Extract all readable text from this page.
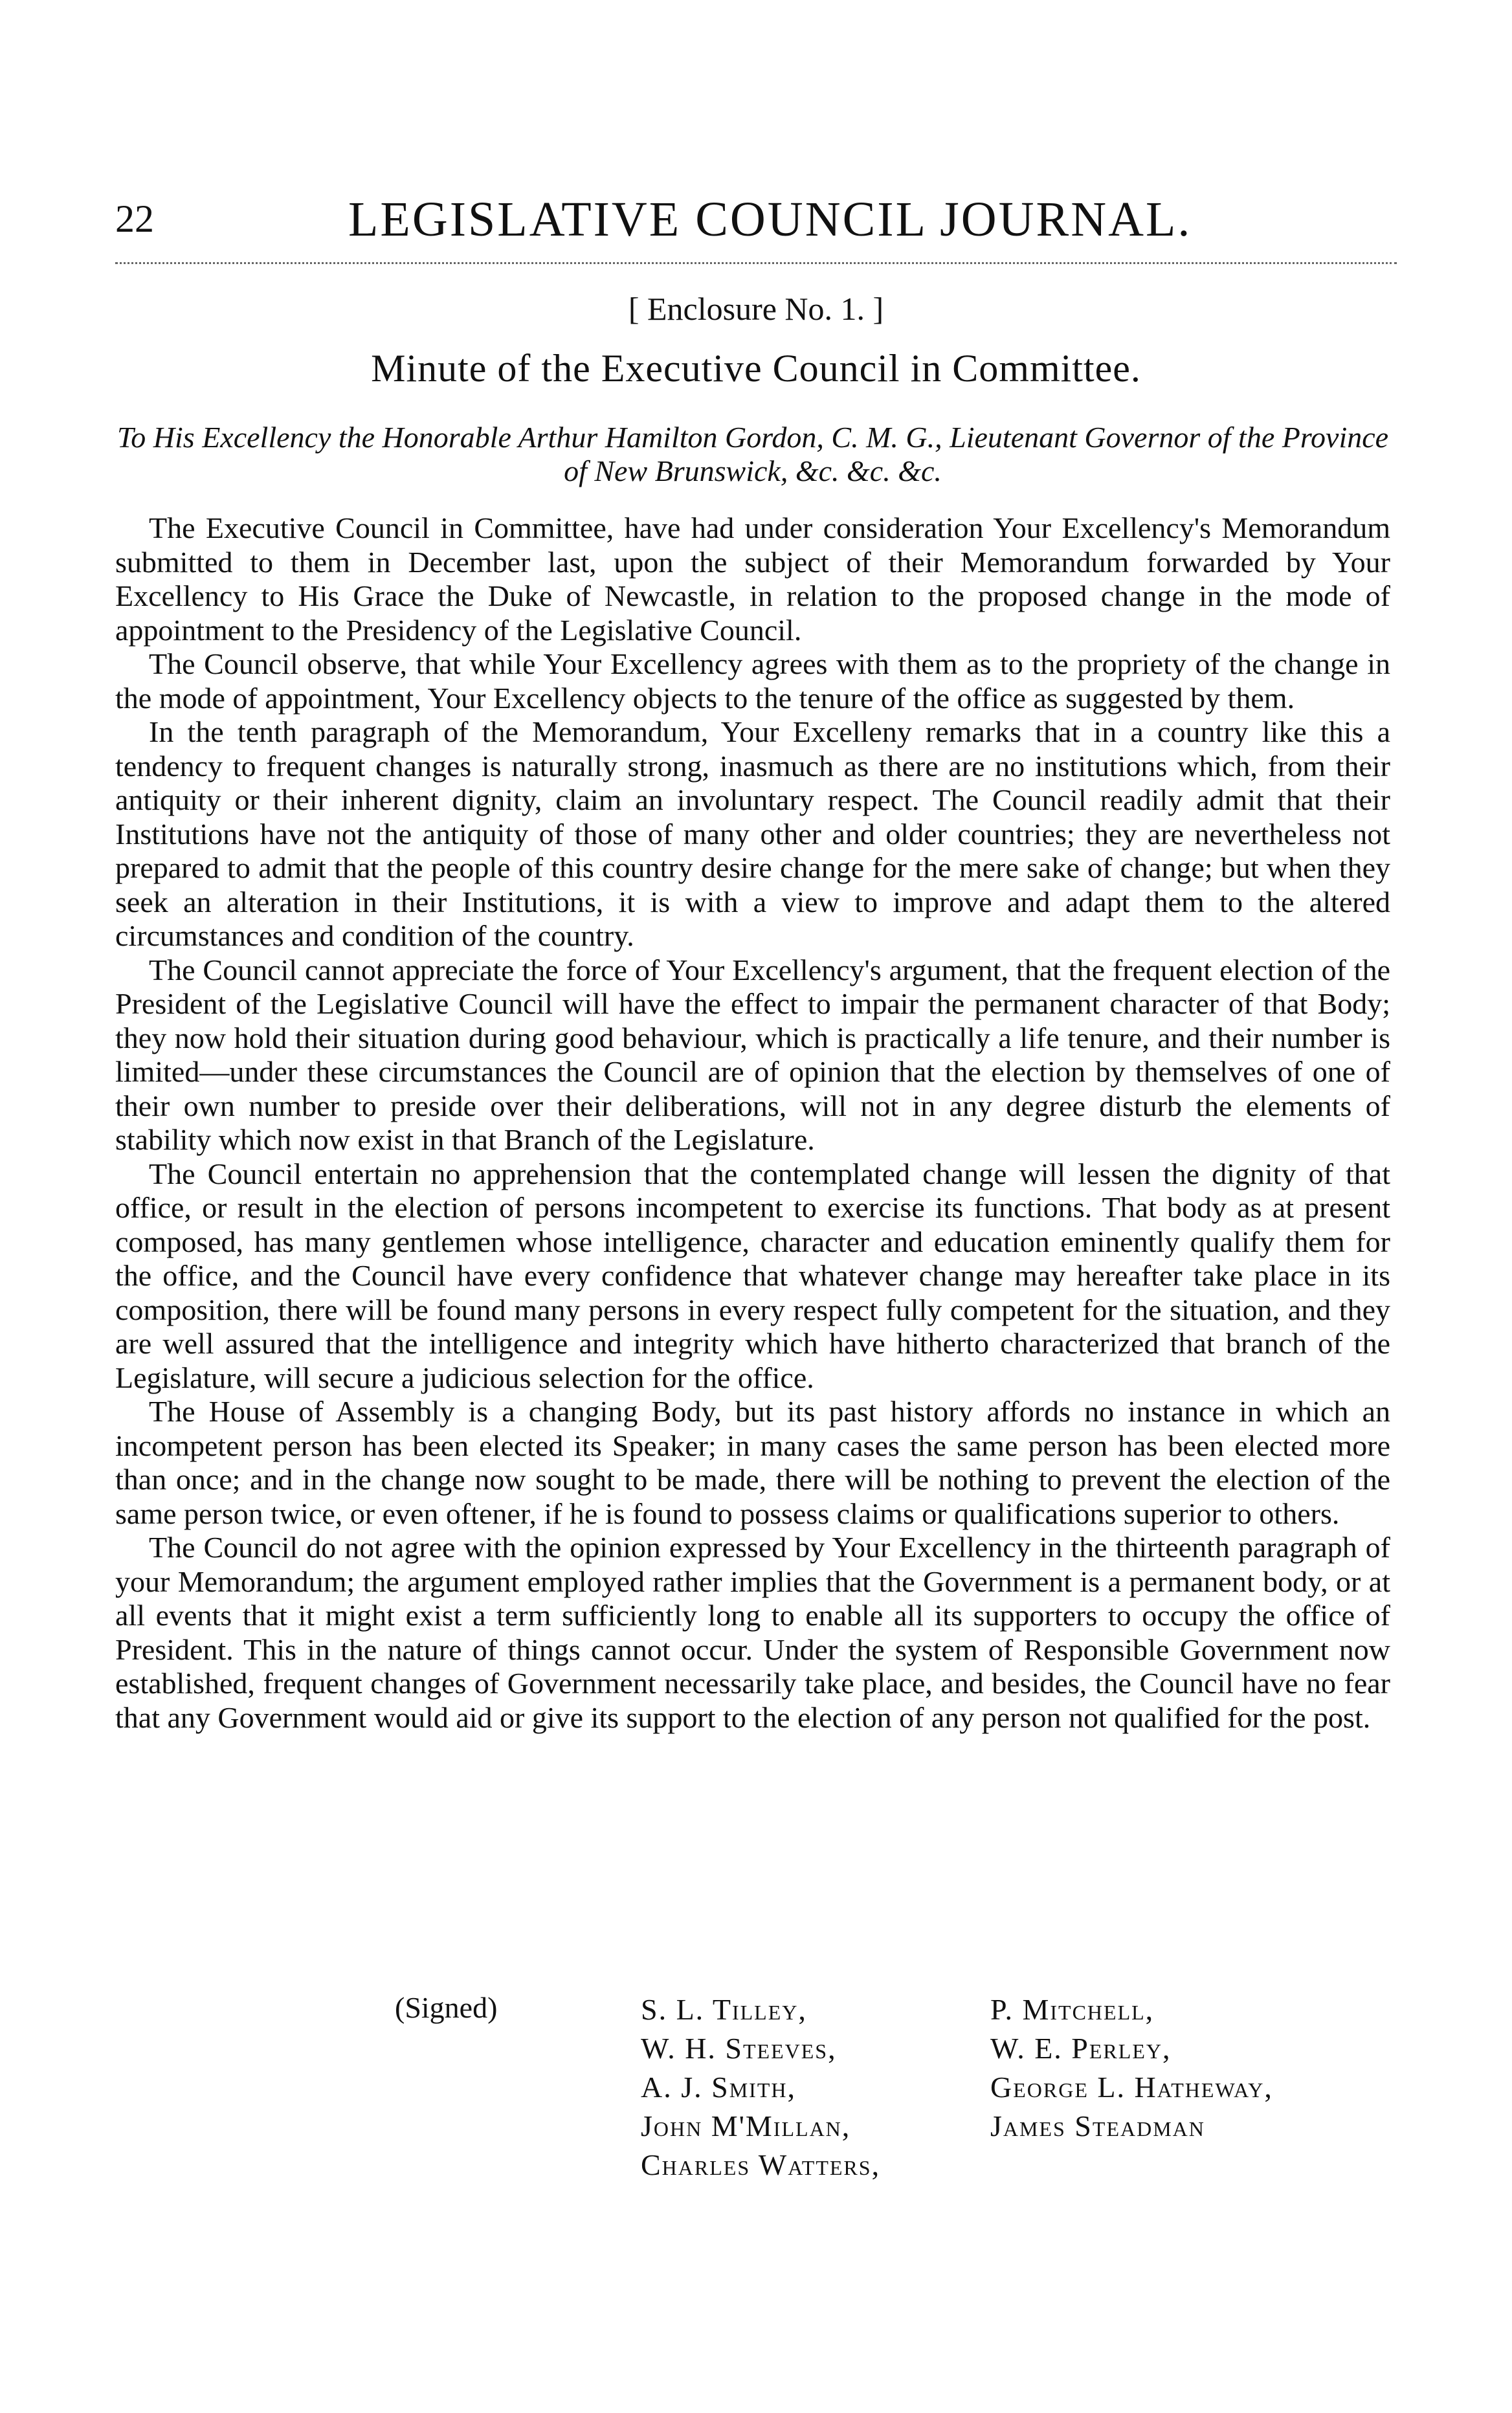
22	LEGISLATIVE COUNCIL JOURNAL.
[ Enclosure No. 1. ]
Minute of the Executive Council in Committee.
To His Excellency the Honorable Arthur Hamilton Gordon, C. M. G., Lieutenant Governor of the Province of New Brunswick, &c. &c. &c.

The Executive Council in Committee, have had under consideration Your Excellency's Memorandum submitted to them in December last, upon the subject of their Memorandum forwarded by Your Excellency to His Grace the Duke of Newcastle, in relation to the proposed change in the mode of appointment to the Presidency of the Legislative Council.

The Council observe, that while Your Excellency agrees with them as to the propriety of the change in the mode of appointment, Your Excellency objects to the tenure of the office as suggested by them.

In the tenth paragraph of the Memorandum, Your Excelleny remarks that in a country like this a tendency to frequent changes is naturally strong, inasmuch as there are no institutions which, from their antiquity or their inherent dignity, claim an involuntary respect. The Council readily admit that their Institutions have not the antiquity of those of many other and older countries; they are nevertheless not prepared to admit that the people of this country desire change for the mere sake of change; but when they seek an alteration in their Institutions, it is with a view to improve and adapt them to the altered circumstances and condition of the country.

The Council cannot appreciate the force of Your Excellency's argument, that the frequent election of the President of the Legislative Council will have the effect to impair the permanent character of that Body; they now hold their situation during good behaviour, which is practically a life tenure, and their number is limited—under these circumstances the Council are of opinion that the election by themselves of one of their own number to preside over their deliberations, will not in any degree disturb the elements of stability which now exist in that Branch of the Legislature.

The Council entertain no apprehension that the contemplated change will lessen the dignity of that office, or result in the election of persons incompetent to exercise its functions. That body as at present composed, has many gentlemen whose intelligence, character and education eminently qualify them for the office, and the Council have every confidence that whatever change may hereafter take place in its composition, there will be found many persons in every respect fully competent for the situation, and they are well assured that the intelligence and integrity which have hitherto characterized that branch of the Legislature, will secure a judicious selection for the office.

The House of Assembly is a changing Body, but its past history affords no instance in which an incompetent person has been elected its Speaker; in many cases the same person has been elected more than once; and in the change now sought to be made, there will be nothing to prevent the election of the same person twice, or even oftener, if he is found to possess claims or qualifications superior to others.

The Council do not agree with the opinion expressed by Your Excellency in the thirteenth paragraph of your Memorandum; the argument employed rather implies that the Government is a permanent body, or at all events that it might exist a term sufficiently long to enable all its supporters to occupy the office of President. This in the nature of things cannot occur. Under the system of Responsible Government now established, frequent changes of Government necessarily take place, and besides, the Council have no fear that any Government would aid or give its support to the election of any person not qualified for the post.

(Signed)	S. L. Tilley,
W. H. Steeves,
A. J. Smith,
John M'Millan,
Charles Watters,
P. Mitchell,
W. E. Perley,
George L. Hatheway,
James Steadman
